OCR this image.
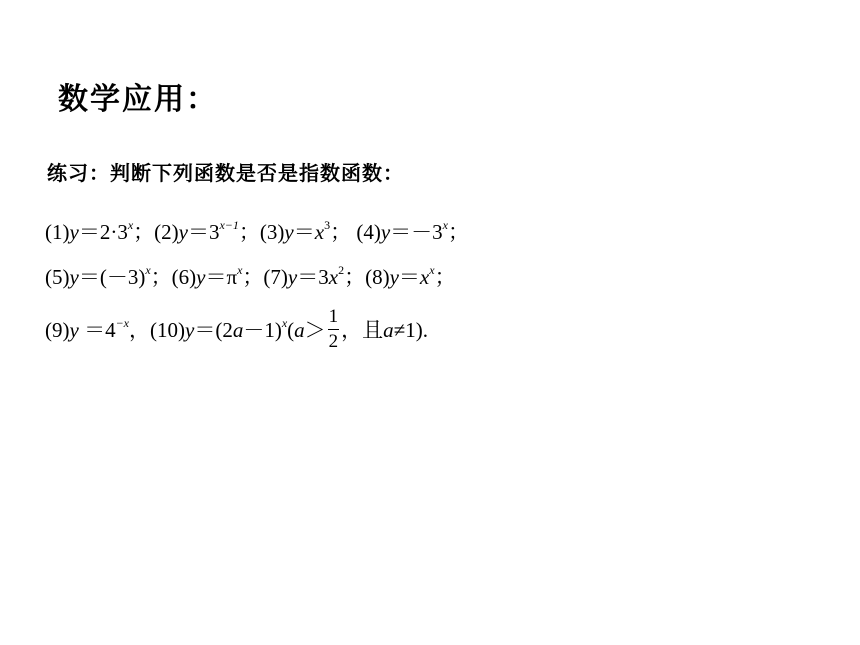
数学应用：
练习：判断下列函数是否是指数函数：
$(1)y=2\cdot 3^x$；$(2)y=3^{x-1}$；$(3)y=x^3$； $(4)y=-3^x$；
$(5)y=(-3)^x$；$(6)y=\pi^x$；$(7)y=3x^2$；$(8)y=x^x$；
$(9)y =4^{-x}$，$(10)y=(2a-1)^x(a> \frac{1}{2}$ ，且a≠1).
